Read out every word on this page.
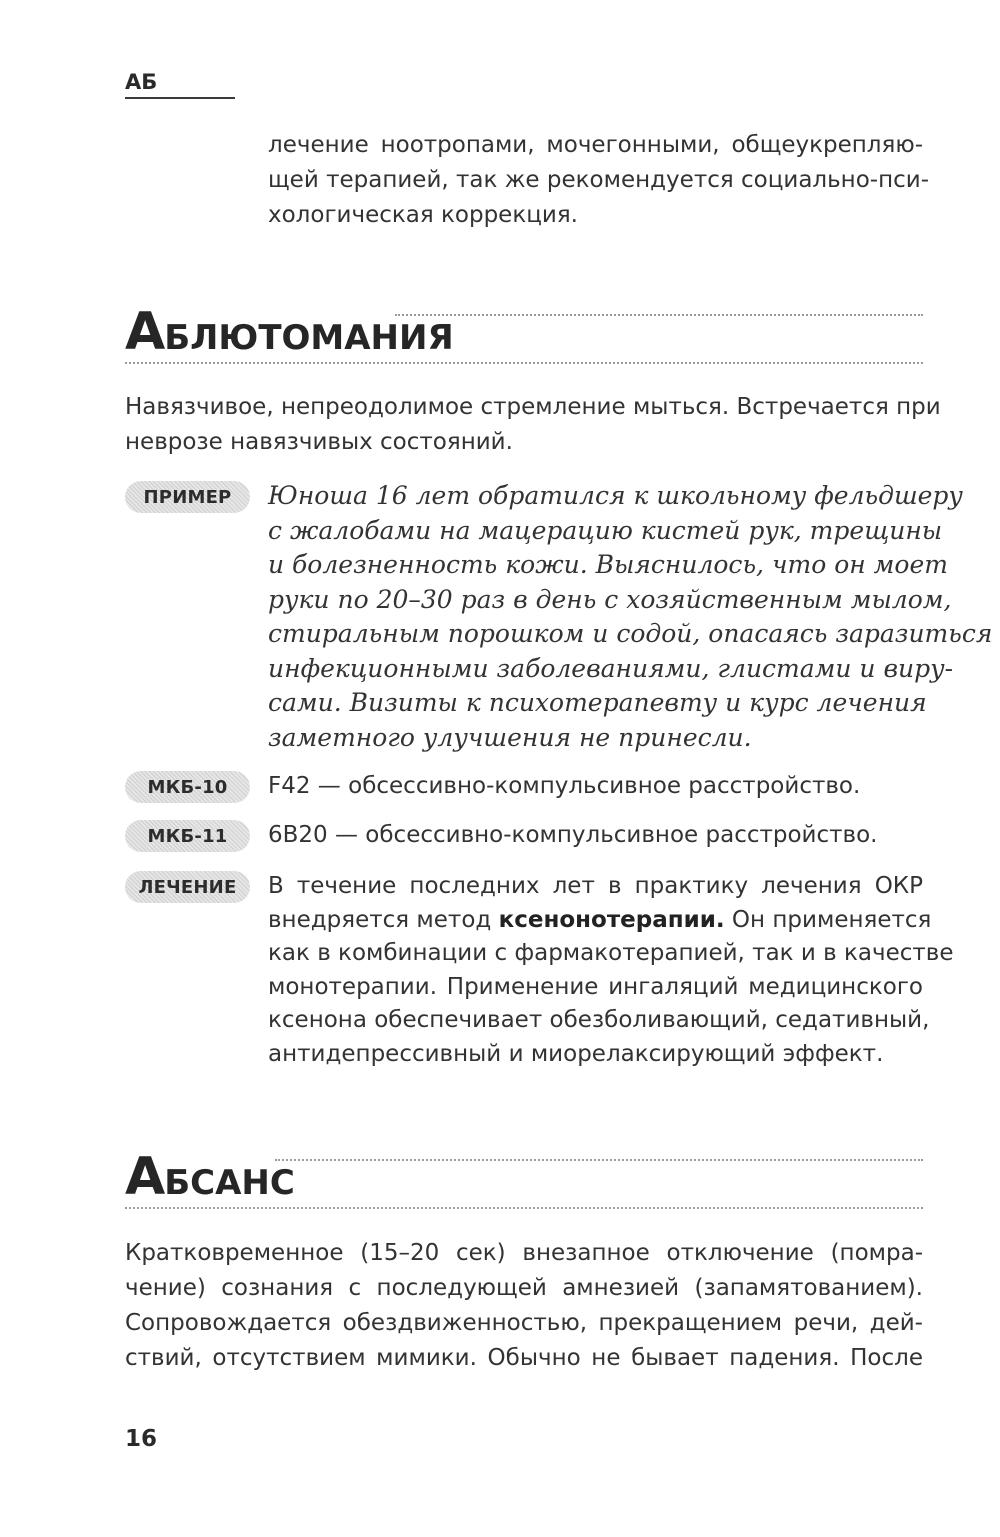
АБ
лечение ноотропами, мочегонными, общеукрепляю-
щей терапией, так же рекомендуется социально-пси-
хологическая коррекция.
АБЛЮТОМАНИЯ
Навязчивое, непреодолимое стремление мыться. Встречается при
неврозе навязчивых состояний.
ПРИМЕР	Юноша 16 лет обратился к школьному фельдшеру
с жалобами на мацерацию кистей рук, трещины
и болезненность кожи. Выяснилось, что он моет
руки по 20–30 раз в день с хозяйственным мылом,
стиральным порошком и содой, опасаясь заразиться
инфекционными заболеваниями, глистами и виру-
сами. Визиты к психотерапевту и курс лечения
заметного улучшения не принесли.
МКБ-10	F42 — обсессивно-компульсивное расстройство.
МКБ-11	6B20 — обсессивно-компульсивное расстройство.
ЛЕЧЕНИЕ	В течение последних лет в практику лечения ОКР
внедряется метод ксенонотерапии. Он применяется
как в комбинации с фармакотерапией, так и в качестве
монотерапии. Применение ингаляций медицинского
ксенона обеспечивает обезболивающий, седативный,
антидепрессивный и миорелаксирующий эффект.
АБСАНС
Кратковременное (15–20 сек) внезапное отключение (помра-
чение) сознания с последующей амнезией (запамятованием).
Сопровождается обездвиженностью, прекращением речи, дей-
ствий, отсутствием мимики. Обычно не бывает падения. После
16
